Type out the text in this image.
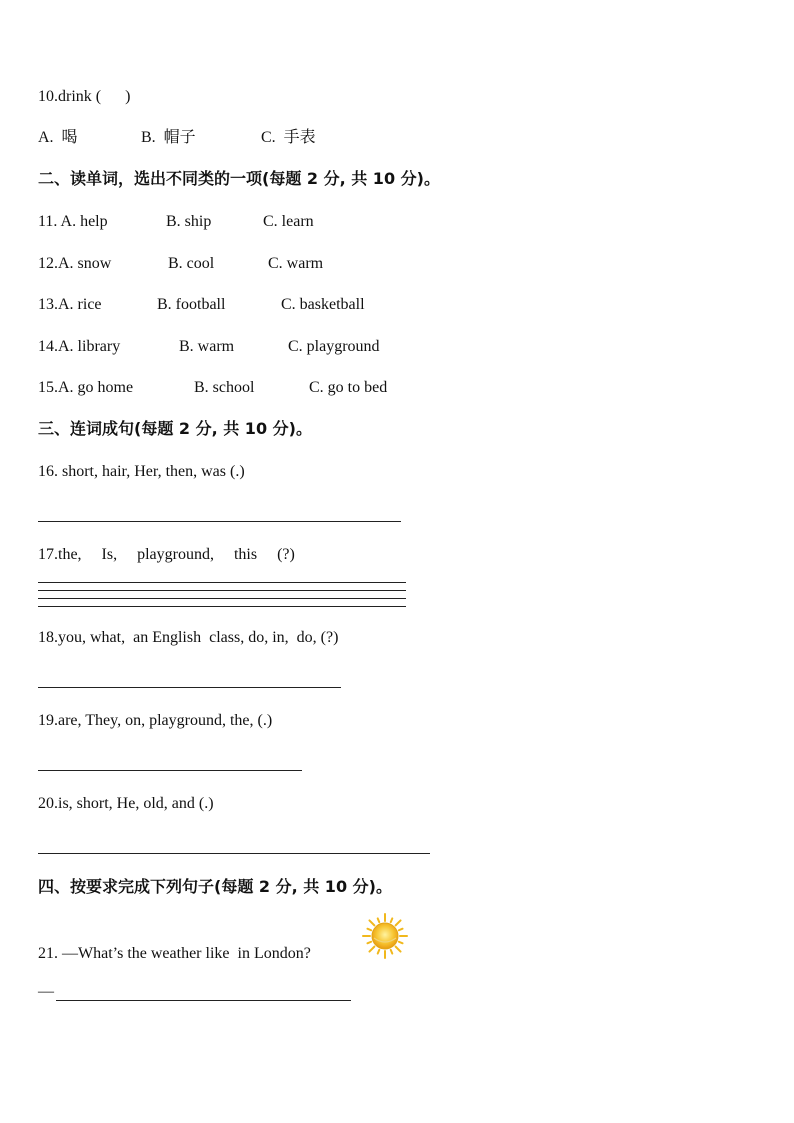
10.drink (      )
A.  喝	B.  帽子	C.  手表
二、读单词，选出不同类的一项(每题 2 分, 共 10 分)。
11. A. help	B. ship	C. learn
12.A. snow	B. cool	C. warm
13.A. rice	B. football	C. basketball
14.A. library	B. warm	C. playground
15.A. go home	B. school	C. go to bed
三、连词成句(每题 2 分, 共 10 分)。
16. short, hair, Her, then, was (.)
17.the,     Is,     playground,     this     (?)
18.you, what,  an English  class, do, in,  do, (?)
19.are, They, on, playground, the, (.)
20.is, short, He, old, and (.)
四、按要求完成下列句子(每题 2 分, 共 10 分)。
21. —What’s the weather like  in London?
—
